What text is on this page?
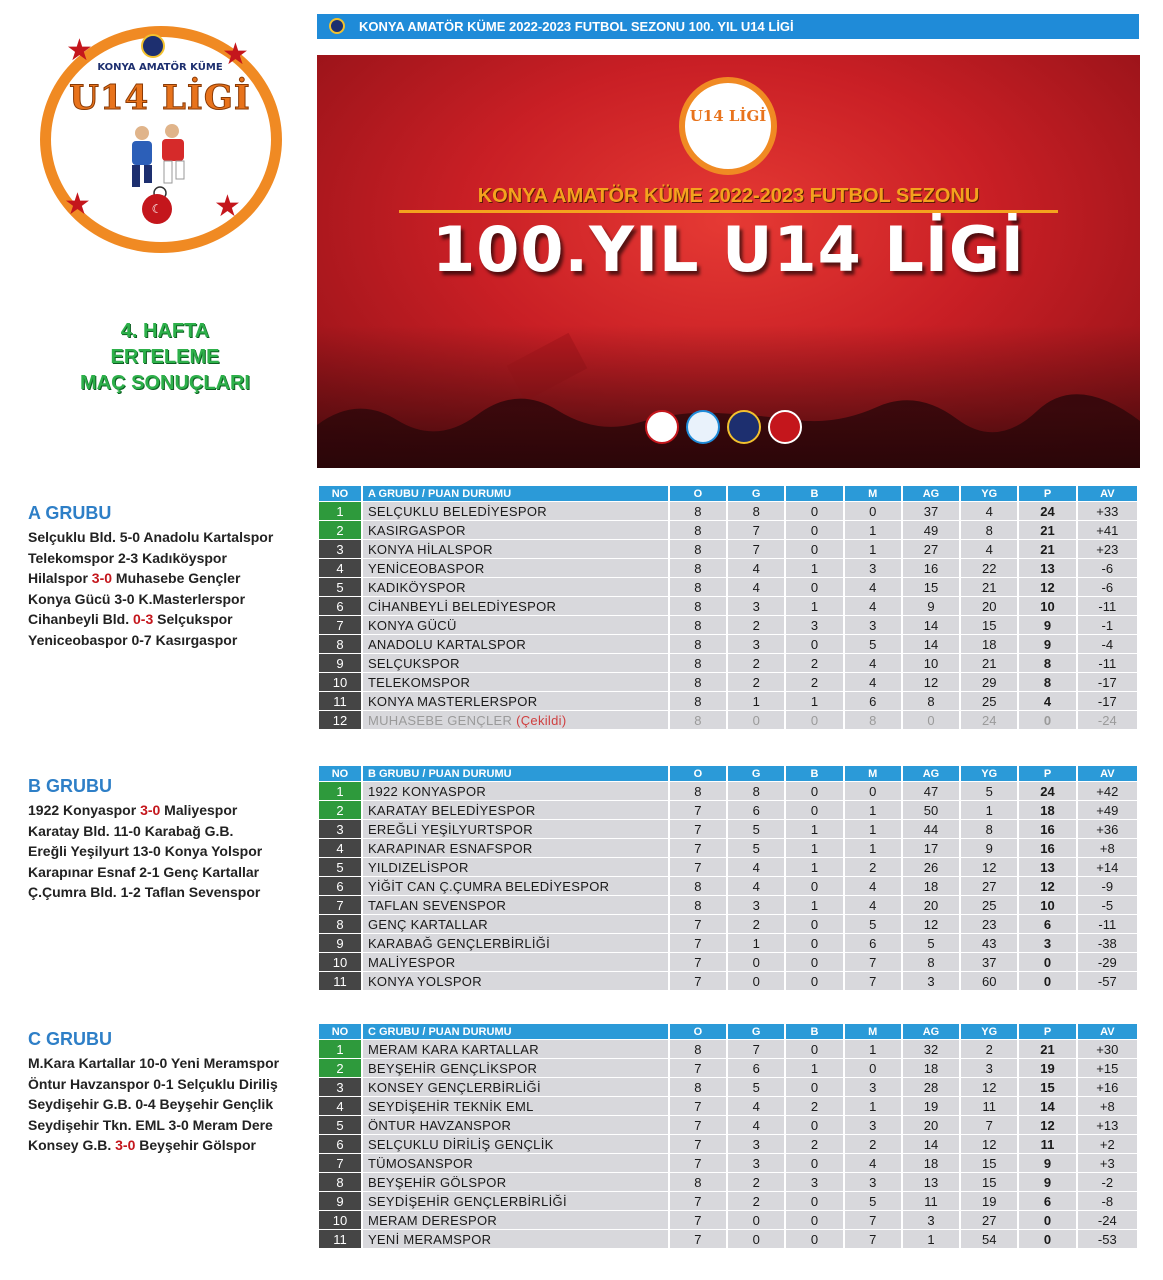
★	★
★	★
KONYA AMATÖR KÜME
U14 LİGİ
☾
4. HAFTA
ERTELEME
MAÇ SONUÇLARI
A GRUBU
Selçuklu Bld. 5-0 Anadolu Kartalspor
Telekomspor 2-3 Kadıköyspor
Hilalspor 3-0 Muhasebe Gençler
Konya Gücü 3-0 K.Masterlerspor
Cihanbeyli Bld. 0-3 Selçukspor
Yeniceobaspor 0-7 Kasırgaspor
B GRUBU
1922 Konyaspor 3-0 Maliyespor
Karatay Bld. 11-0 Karabağ G.B.
Ereğli Yeşilyurt 13-0 Konya Yolspor
Karapınar Esnaf 2-1 Genç Kartallar
Ç.Çumra Bld. 1-2 Taflan Sevenspor
C GRUBU
M.Kara Kartallar 10-0 Yeni Meramspor
Öntur Havzanspor 0-1 Selçuklu Diriliş
Seydişehir G.B. 0-4 Beyşehir Gençlik
Seydişehir Tkn. EML 3-0 Meram Dere
Konsey G.B. 3-0 Beyşehir Gölspor
KONYA AMATÖR KÜME 2022-2023 FUTBOL SEZONU 100. YIL U14 LİGİ
U14 LİGİ
KONYA AMATÖR KÜME 2022-2023 FUTBOL SEZONU
100.YIL U14 LİGİ
NO	A GRUBU / PUAN DURUMU	O	G	B	M	AG	YG	P	AV
1	SELÇUKLU BELEDİYESPOR	8	8	0	0	37	4	24	+33
2	KASIRGASPOR	8	7	0	1	49	8	21	+41
3	KONYA HİLALSPOR	8	7	0	1	27	4	21	+23
4	YENİCEOBASPOR	8	4	1	3	16	22	13	-6
5	KADIKÖYSPOR	8	4	0	4	15	21	12	-6
6	CİHANBEYLİ BELEDİYESPOR	8	3	1	4	9	20	10	-11
7	KONYA GÜCÜ	8	2	3	3	14	15	9	-1
8	ANADOLU KARTALSPOR	8	3	0	5	14	18	9	-4
9	SELÇUKSPOR	8	2	2	4	10	21	8	-11
10	TELEKOMSPOR	8	2	2	4	12	29	8	-17
11	KONYA MASTERLERSPOR	8	1	1	6	8	25	4	-17
12	MUHASEBE GENÇLER (Çekildi)	8	0	0	8	0	24	0	-24
NO	B GRUBU / PUAN DURUMU	O	G	B	M	AG	YG	P	AV
1	1922 KONYASPOR	8	8	0	0	47	5	24	+42
2	KARATAY BELEDİYESPOR	7	6	0	1	50	1	18	+49
3	EREĞLİ YEŞİLYURTSPOR	7	5	1	1	44	8	16	+36
4	KARAPINAR ESNAFSPOR	7	5	1	1	17	9	16	+8
5	YILDIZELİSPOR	7	4	1	2	26	12	13	+14
6	YİĞİT CAN Ç.ÇUMRA BELEDİYESPOR	8	4	0	4	18	27	12	-9
7	TAFLAN SEVENSPOR	8	3	1	4	20	25	10	-5
8	GENÇ KARTALLAR	7	2	0	5	12	23	6	-11
9	KARABAĞ GENÇLERBİRLİĞİ	7	1	0	6	5	43	3	-38
10	MALİYESPOR	7	0	0	7	8	37	0	-29
11	KONYA YOLSPOR	7	0	0	7	3	60	0	-57
NO	C GRUBU / PUAN DURUMU	O	G	B	M	AG	YG	P	AV
1	MERAM KARA KARTALLAR	8	7	0	1	32	2	21	+30
2	BEYŞEHİR GENÇLİKSPOR	7	6	1	0	18	3	19	+15
3	KONSEY GENÇLERBİRLİĞİ	8	5	0	3	28	12	15	+16
4	SEYDİŞEHİR TEKNİK EML	7	4	2	1	19	11	14	+8
5	ÖNTUR HAVZANSPOR	7	4	0	3	20	7	12	+13
6	SELÇUKLU DİRİLİŞ GENÇLİK	7	3	2	2	14	12	11	+2
7	TÜMOSANSPOR	7	3	0	4	18	15	9	+3
8	BEYŞEHİR GÖLSPOR	8	2	3	3	13	15	9	-2
9	SEYDİŞEHİR GENÇLERBİRLİĞİ	7	2	0	5	11	19	6	-8
10	MERAM DERESPOR	7	0	0	7	3	27	0	-24
11	YENİ MERAMSPOR	7	0	0	7	1	54	0	-53
